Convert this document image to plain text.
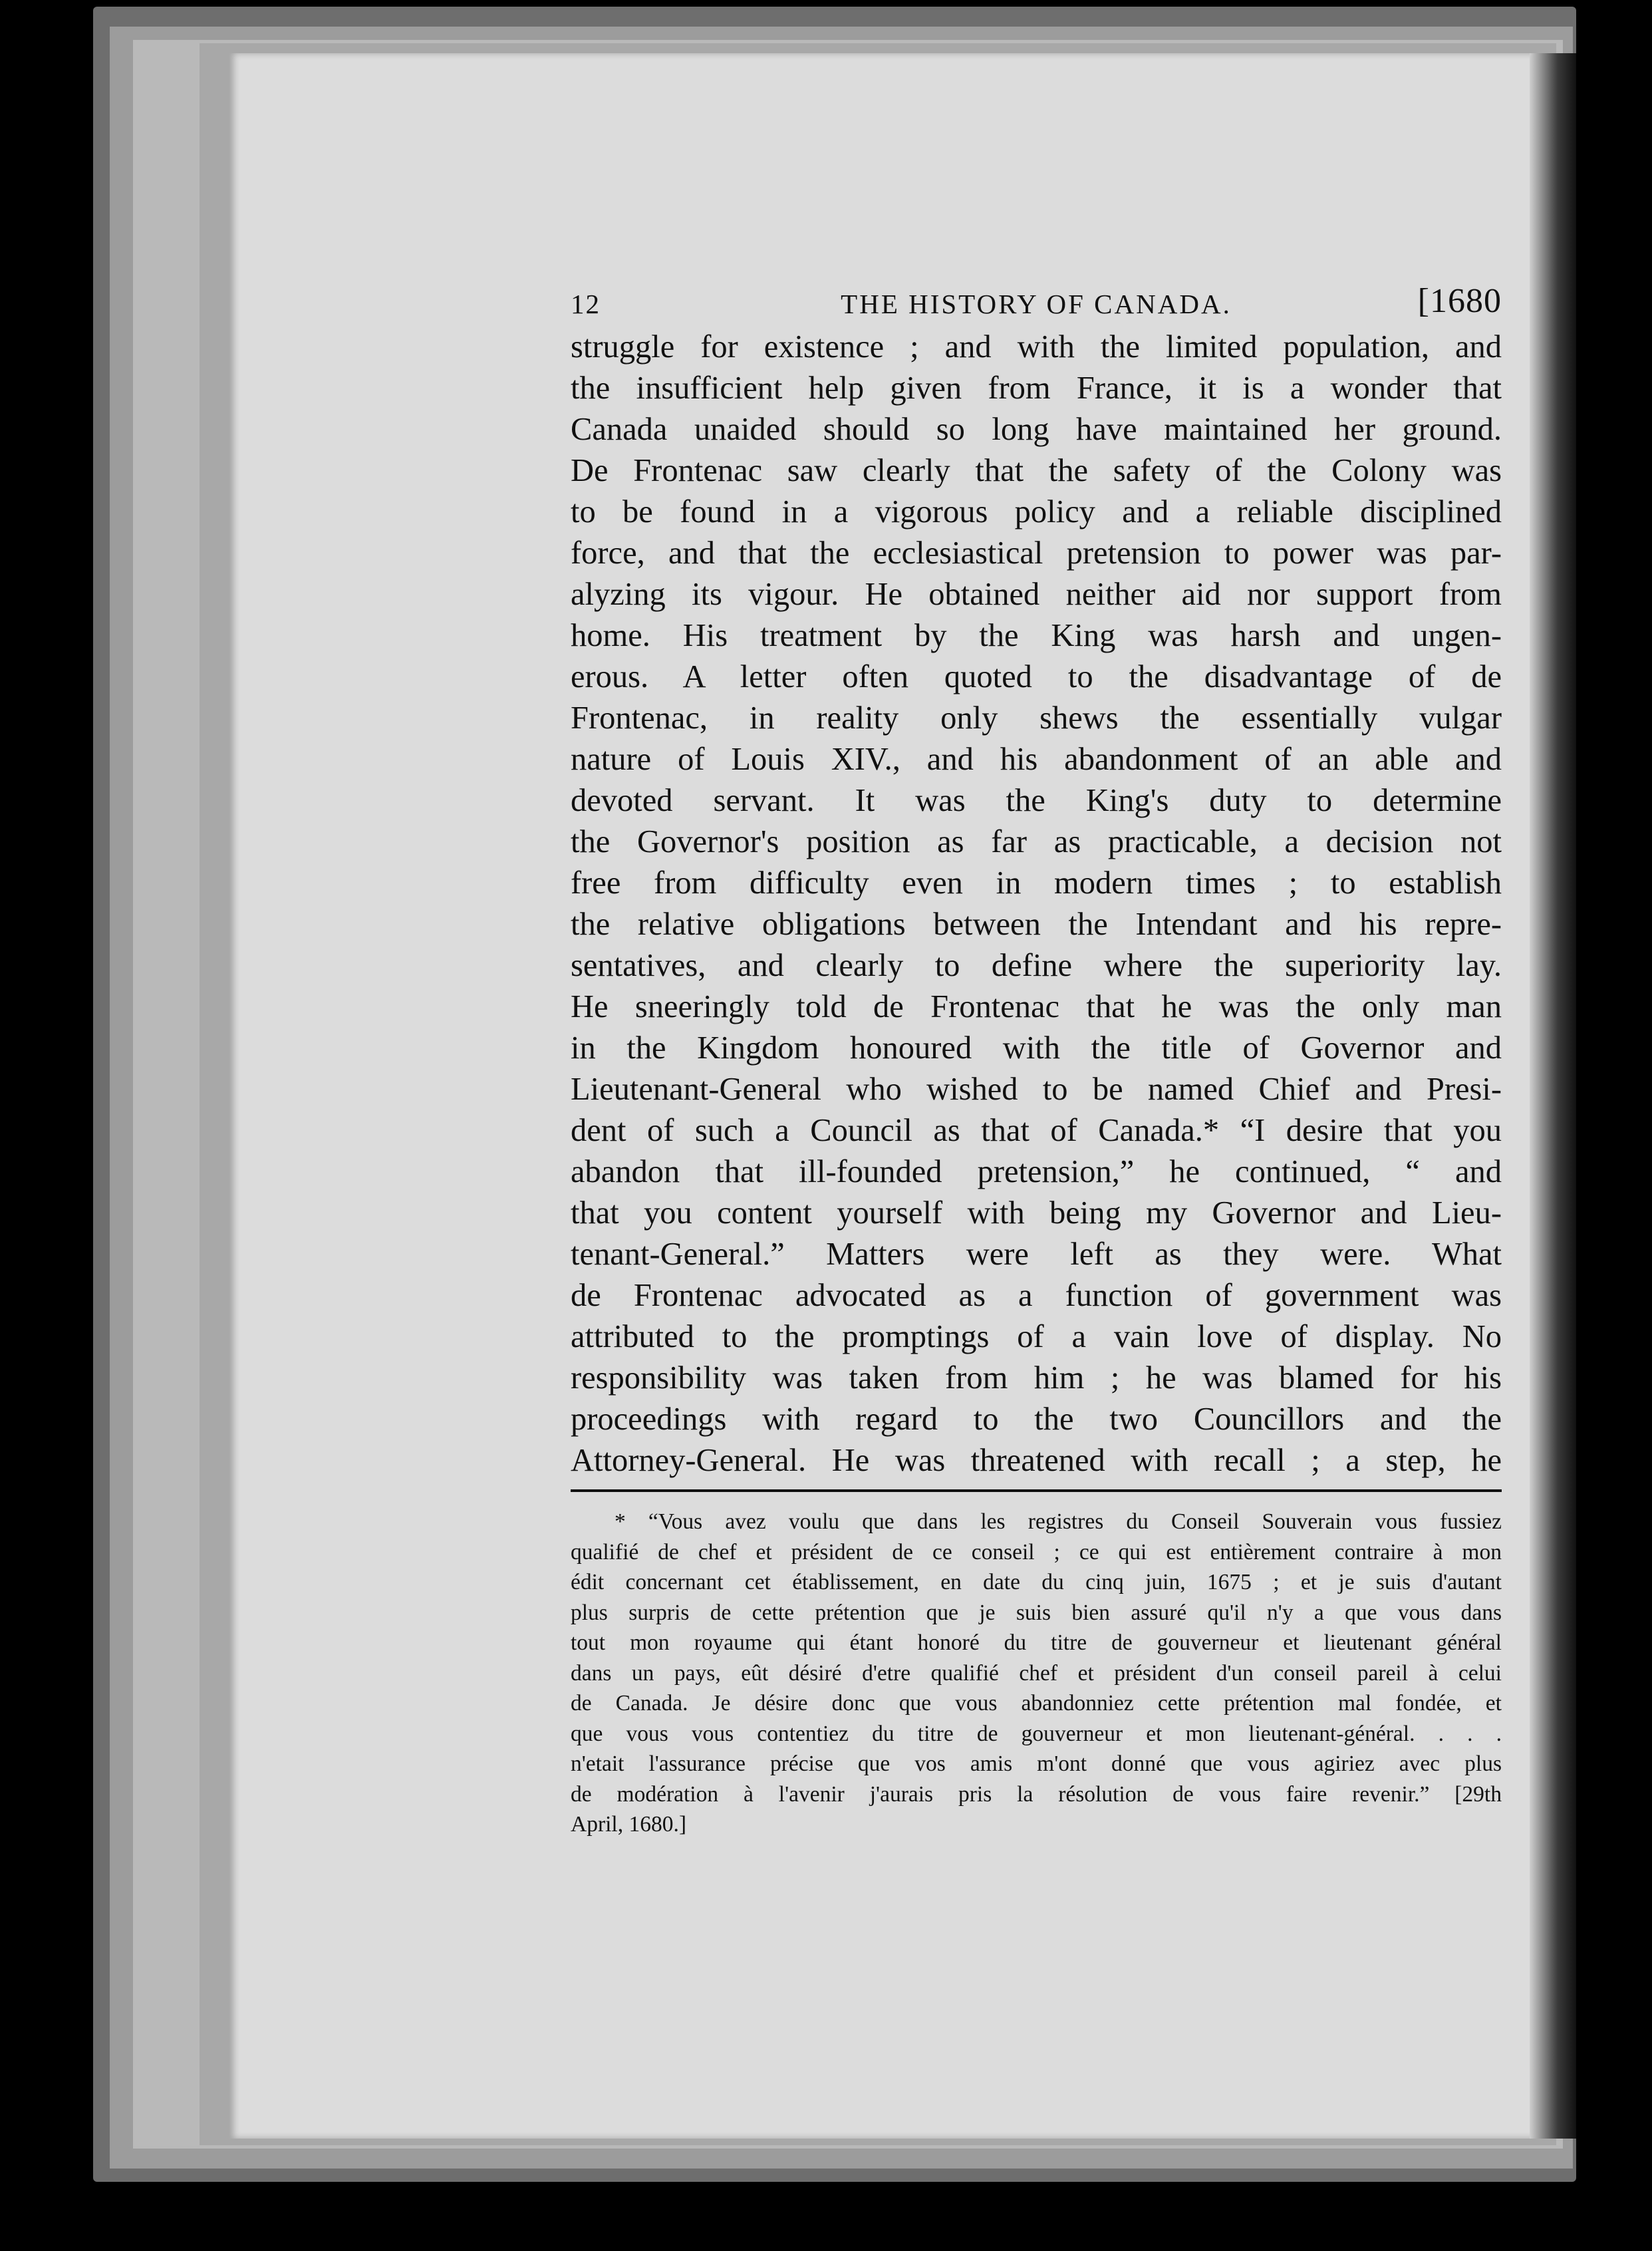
12	THE HISTORY OF CANADA.	[1680
struggle for existence ; and with the limited population, and
the insufficient help given from France, it is a wonder that
Canada unaided should so long have maintained her ground.
De Frontenac saw clearly that the safety of the Colony was
to be found in a vigorous policy and a reliable disciplined
force, and that the ecclesiastical pretension to power was par-
alyzing its vigour. He obtained neither aid nor support from
home. His treatment by the King was harsh and ungen-
erous. A letter often quoted to the disadvantage of de
Frontenac, in reality only shews the essentially vulgar
nature of Louis XIV., and his abandonment of an able and
devoted servant. It was the King's duty to determine
the Governor's position as far as practicable, a decision not
free from difficulty even in modern times ; to establish
the relative obligations between the Intendant and his repre-
sentatives, and clearly to define where the superiority lay.
He sneeringly told de Frontenac that he was the only man
in the Kingdom honoured with the title of Governor and
Lieutenant-General who wished to be named Chief and Presi-
dent of such a Council as that of Canada.* “I desire that you
abandon that ill-founded pretension,” he continued, “ and
that you content yourself with being my Governor and Lieu-
tenant-General.” Matters were left as they were. What
de Frontenac advocated as a function of government was
attributed to the promptings of a vain love of display. No
responsibility was taken from him ; he was blamed for his
proceedings with regard to the two Councillors and the
Attorney-General. He was threatened with recall ; a step, he
* “Vous avez voulu que dans les registres du Conseil Souverain vous fussiez
qualifié de chef et président de ce conseil ; ce qui est entièrement contraire à mon
édit concernant cet établissement, en date du cinq juin, 1675 ; et je suis d'autant
plus surpris de cette prétention que je suis bien assuré qu'il n'y a que vous dans
tout mon royaume qui étant honoré du titre de gouverneur et lieutenant général
dans un pays, eût désiré d'etre qualifié chef et président d'un conseil pareil à celui
de Canada. Je désire donc que vous abandonniez cette prétention mal fondée, et
que vous vous contentiez du titre de gouverneur et mon lieutenant-général. . . .
n'etait l'assurance précise que vos amis m'ont donné que vous agiriez avec plus
de modération à l'avenir j'aurais pris la résolution de vous faire revenir.” [29th
April, 1680.]
